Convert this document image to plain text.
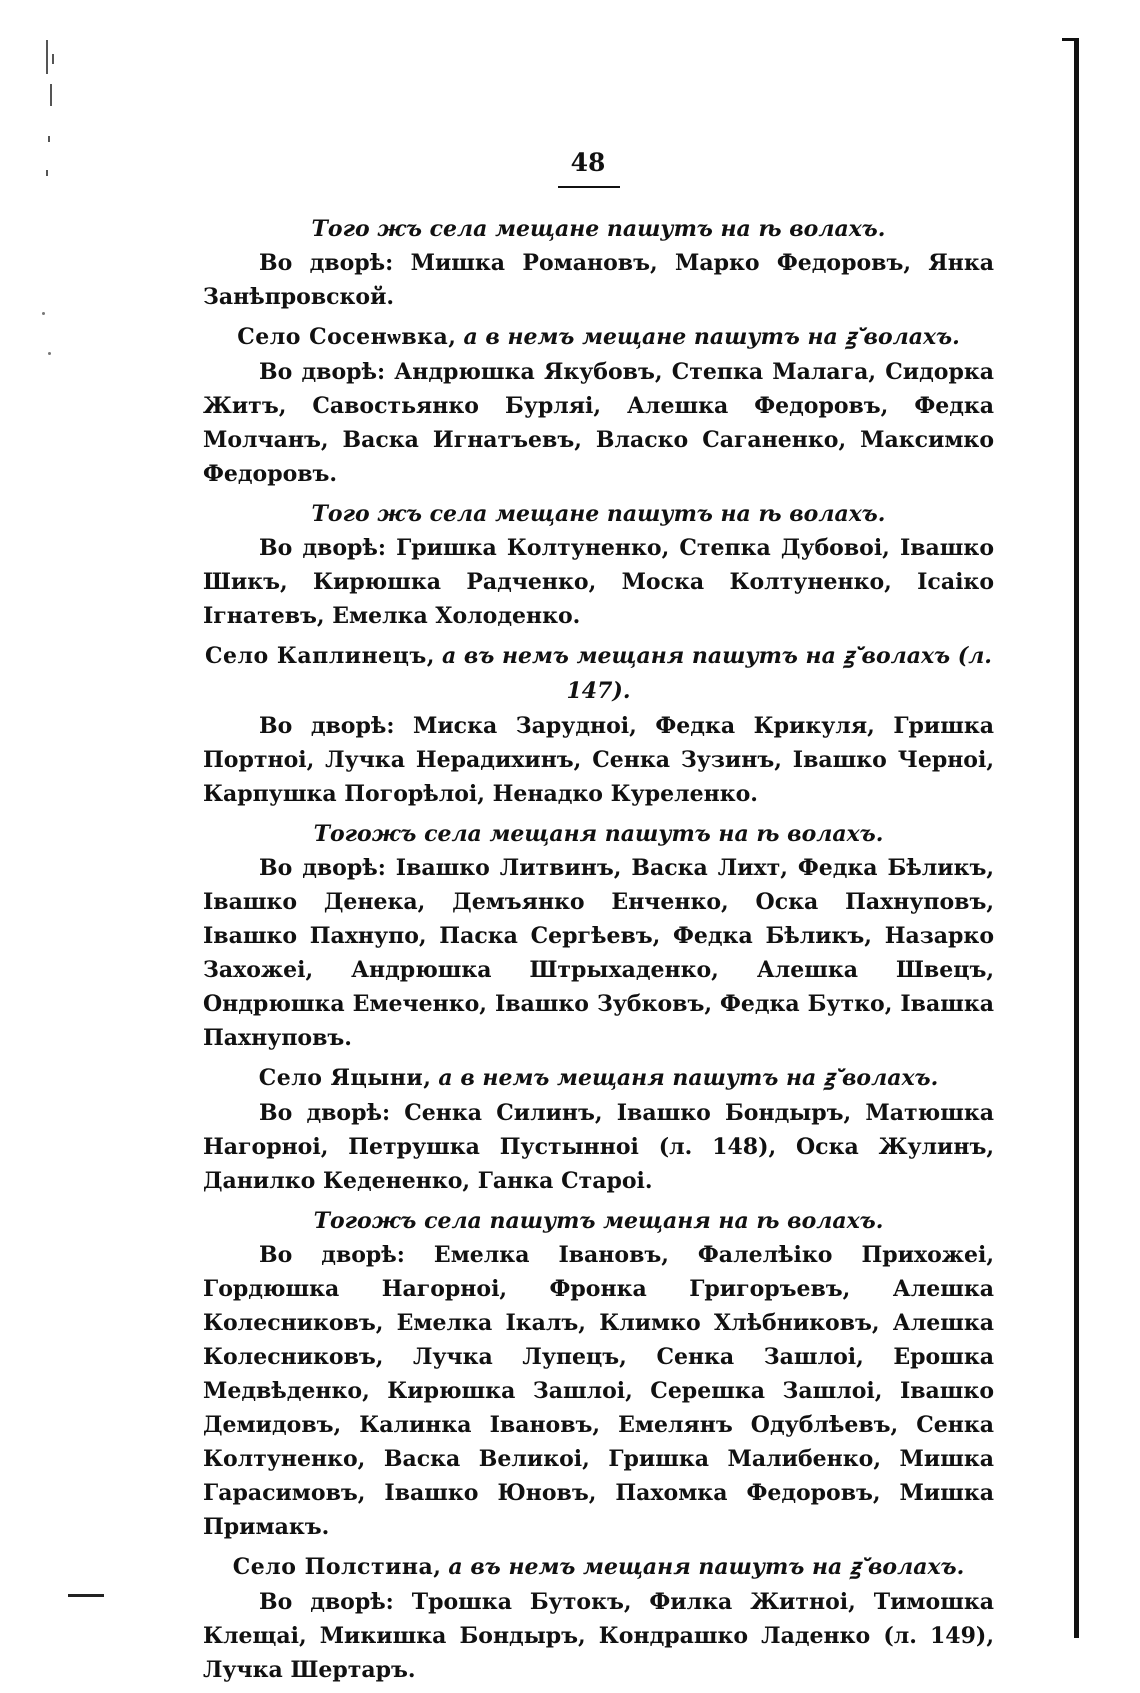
48

Того жъ села мещане пашутъ на ѣ волахъ.

Во дворѣ: Мишка Романовъ, Марко Федоровъ, Янка Занѣпровской.

Село Сосенѡвка, а в немъ мещане пашутъ на ꙃ̆ волахъ.

Во дворѣ: Андрюшка Якубовъ, Степка Малага, Сидорка Житъ, Савостьянко Бурляі, Алешка Федоровъ, Федка Молчанъ, Васка Игнатъевъ, Власко Саганенко, Максимко Федоровъ.

Того жъ села мещане пашутъ на ѣ волахъ.

Во дворѣ: Гришка Колтуненко, Степка Дубовоі, Івашко Шикъ, Кирюшка Радченко, Моска Колтуненко, Ісаіко Ігнатевъ, Емелка Холоденко.

Село Каплинецъ, а въ немъ мещаня пашутъ на ꙃ̆ волахъ (л. 147).

Во дворѣ: Миска Заруднoі, Федка Крикуля, Гришка Портноі, Лучка Нерадихинъ, Сенка Зузинъ, Івашко Черноі, Карпушка Погорѣлоі, Ненадко Куреленко.

Тогожъ села мещаня пашутъ на ѣ волахъ.

Во дворѣ: Івашко Литвинъ, Васка Лихт, Федка Бѣликъ, Івашко Денека, Демъянко Енченко, Оска Пахнуповъ, Івашко Пахнупо, Паска Сергѣевъ, Федка Бѣликъ, Назарко Захожеі, Андрюшка Штрыхаденко, Алешка Швецъ, Ондрюшка Емеченко, Івашко Зубковъ, Федка Бутко, Івашка Пахнуповъ.

Село Яцыни, а в немъ мещаня пашутъ на ꙃ̆ волахъ.

Во дворѣ: Сенка Силинъ, Івашко Бондыръ, Матюшка Нагорноі, Петрушка Пустынноі (л. 148), Оска Жулинъ, Данилко Кедененко, Ганка Староі.

Тогожъ села пашутъ мещаня на ѣ волахъ.

Во дворѣ: Емелка Івановъ, Фалелѣіко Прихожеі, Гордюшка Нагорноі, Фронка Григоръевъ, Алешка Колесниковъ, Емелка Ікалъ, Климко Хлѣбниковъ, Алешка Колесниковъ, Лучка Лупецъ, Сенка Зашлоі, Ерошка Медвѣденко, Кирюшка Зашлоі, Серешка Зашлоі, Івашко Демидовъ, Калинка Івановъ, Емелянъ Одублѣевъ, Сенка Колтуненко, Васка Великоі, Гришка Малибенко, Мишка Гарасимовъ, Івашко Юновъ, Пахомка Федоровъ, Мишка Примакъ.

Село Полстина, а въ немъ мещаня пашутъ на ꙃ̆ волахъ.

Во дворѣ: Трошка Бутокъ, Филка Житноі, Тимошка Клещаі, Микишка Бондыръ, Кондрашко Ладенко (л. 149), Лучка Шертаръ.
